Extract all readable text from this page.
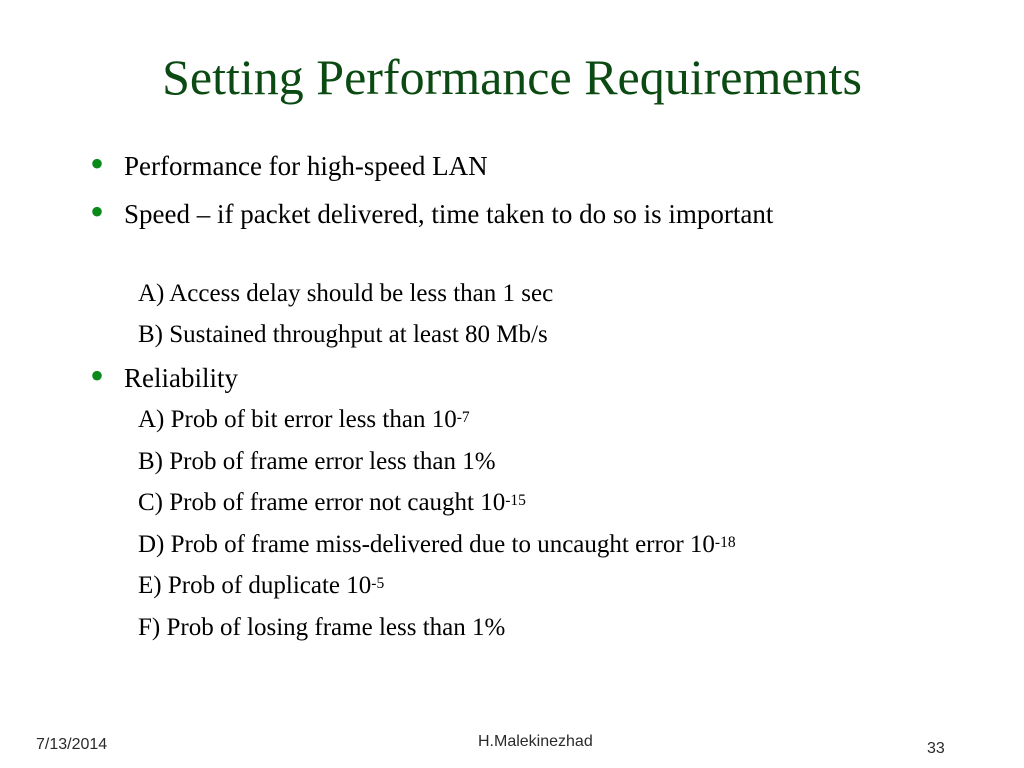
Setting Performance Requirements
• Performance for high-speed LAN
• Speed – if packet delivered, time taken to do so is important
A) Access delay should be less than 1 sec
B) Sustained throughput at least 80 Mb/s
• Reliability
A) Prob of bit error less than $10^{-7}$
B) Prob of frame error less than 1%
C) Prob of frame error not caught $10^{-15}$
D) Prob of frame miss-delivered due to uncaught error $10^{-18}$
E) Prob of duplicate $10^{-5}$
F) Prob of losing frame less than 1%
7/13/2014	H.Malekinezhad	33
